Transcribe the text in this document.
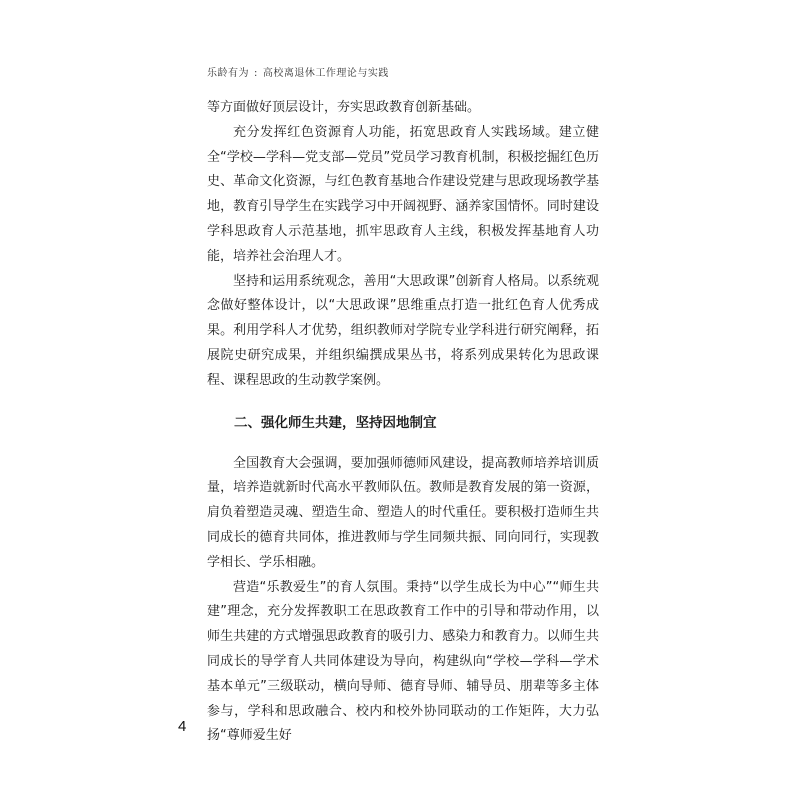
乐龄有为 : 高校离退休工作理论与实践

等方面做好顶层设计，夯实思政教育创新基础。

充分发挥红色资源育人功能，拓宽思政育人实践场域。建立健全“学校—学科—党支部—党员”党员学习教育机制，积极挖掘红色历史、革命文化资源，与红色教育基地合作建设党建与思政现场教学基地，教育引导学生在实践学习中开阔视野、涵养家国情怀。同时建设学科思政育人示范基地，抓牢思政育人主线，积极发挥基地育人功能，培养社会治理人才。

坚持和运用系统观念，善用“大思政课”创新育人格局。以系统观念做好整体设计，以“大思政课”思维重点打造一批红色育人优秀成果。利用学科人才优势，组织教师对学院专业学科进行研究阐释，拓展院史研究成果，并组织编撰成果丛书，将系列成果转化为思政课程、课程思政的生动教学案例。

二、强化师生共建，坚持因地制宜

全国教育大会强调，要加强师德师风建设，提高教师培养培训质量，培养造就新时代高水平教师队伍。教师是教育发展的第一资源，肩负着塑造灵魂、塑造生命、塑造人的时代重任。要积极打造师生共同成长的德育共同体，推进教师与学生同频共振、同向同行，实现教学相长、学乐相融。

营造“乐教爱生”的育人氛围。秉持“以学生成长为中心”“师生共建”理念，充分发挥教职工在思政教育工作中的引导和带动作用，以师生共建的方式增强思政教育的吸引力、感染力和教育力。以师生共同成长的导学育人共同体建设为导向，构建纵向“学校—学科—学术基本单元”三级联动，横向导师、德育导师、辅导员、朋辈等多主体参与，学科和思政融合、校内和校外协同联动的工作矩阵，大力弘扬“尊师爱生好

4
